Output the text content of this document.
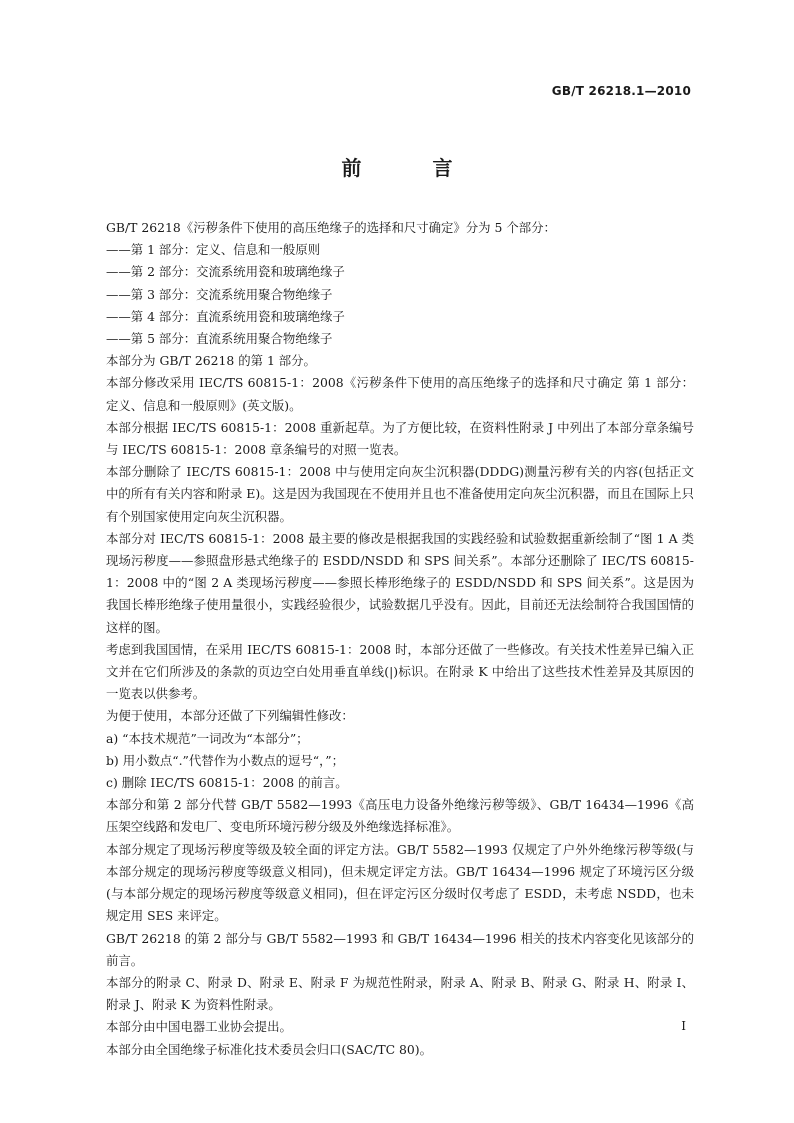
GB/T 26218.1—2010
前 言

GB/T 26218《污秽条件下使用的高压绝缘子的选择和尺寸确定》分为 5 个部分：

——第 1 部分：定义、信息和一般原则

——第 2 部分：交流系统用瓷和玻璃绝缘子

——第 3 部分：交流系统用聚合物绝缘子

——第 4 部分：直流系统用瓷和玻璃绝缘子

——第 5 部分：直流系统用聚合物绝缘子

本部分为 GB/T 26218 的第 1 部分。

本部分修改采用 IEC/TS 60815-1：2008《污秽条件下使用的高压绝缘子的选择和尺寸确定 第 1 部分：定义、信息和一般原则》(英文版)。

本部分根据 IEC/TS 60815-1：2008 重新起草。为了方便比较，在资料性附录 J 中列出了本部分章条编号与 IEC/TS 60815-1：2008 章条编号的对照一览表。

本部分删除了 IEC/TS 60815-1：2008 中与使用定向灰尘沉积器(DDDG)测量污秽有关的内容(包括正文中的所有有关内容和附录 E)。这是因为我国现在不使用并且也不准备使用定向灰尘沉积器，而且在国际上只有个别国家使用定向灰尘沉积器。

本部分对 IEC/TS 60815-1：2008 最主要的修改是根据我国的实践经验和试验数据重新绘制了“图 1 A 类现场污秽度——参照盘形悬式绝缘子的 ESDD/NSDD 和 SPS 间关系”。本部分还删除了 IEC/TS 60815-1：2008 中的“图 2 A 类现场污秽度——参照长棒形绝缘子的 ESDD/NSDD 和 SPS 间关系”。这是因为我国长棒形绝缘子使用量很小，实践经验很少，试验数据几乎没有。因此，目前还无法绘制符合我国国情的这样的图。

考虑到我国国情，在采用 IEC/TS 60815-1：2008 时，本部分还做了一些修改。有关技术性差异已编入正文并在它们所涉及的条款的页边空白处用垂直单线(|)标识。在附录 K 中给出了这些技术性差异及其原因的一览表以供参考。

为便于使用，本部分还做了下列编辑性修改：

a) “本技术规范”一词改为“本部分”；

b) 用小数点“.”代替作为小数点的逗号“，”；

c) 删除 IEC/TS 60815-1：2008 的前言。

本部分和第 2 部分代替 GB/T 5582—1993《高压电力设备外绝缘污秽等级》、GB/T 16434—1996《高压架空线路和发电厂、变电所环境污秽分级及外绝缘选择标准》。

本部分规定了现场污秽度等级及较全面的评定方法。GB/T 5582—1993 仅规定了户外外绝缘污秽等级(与本部分规定的现场污秽度等级意义相同)，但未规定评定方法。GB/T 16434—1996 规定了环境污区分级(与本部分规定的现场污秽度等级意义相同)，但在评定污区分级时仅考虑了 ESDD，未考虑 NSDD，也未规定用 SES 来评定。

GB/T 26218 的第 2 部分与 GB/T 5582—1993 和 GB/T 16434—1996 相关的技术内容变化见该部分的前言。

本部分的附录 C、附录 D、附录 E、附录 F 为规范性附录，附录 A、附录 B、附录 G、附录 H、附录 I、附录 J、附录 K 为资料性附录。

本部分由中国电器工业协会提出。

本部分由全国绝缘子标准化技术委员会归口(SAC/TC 80)。

I
